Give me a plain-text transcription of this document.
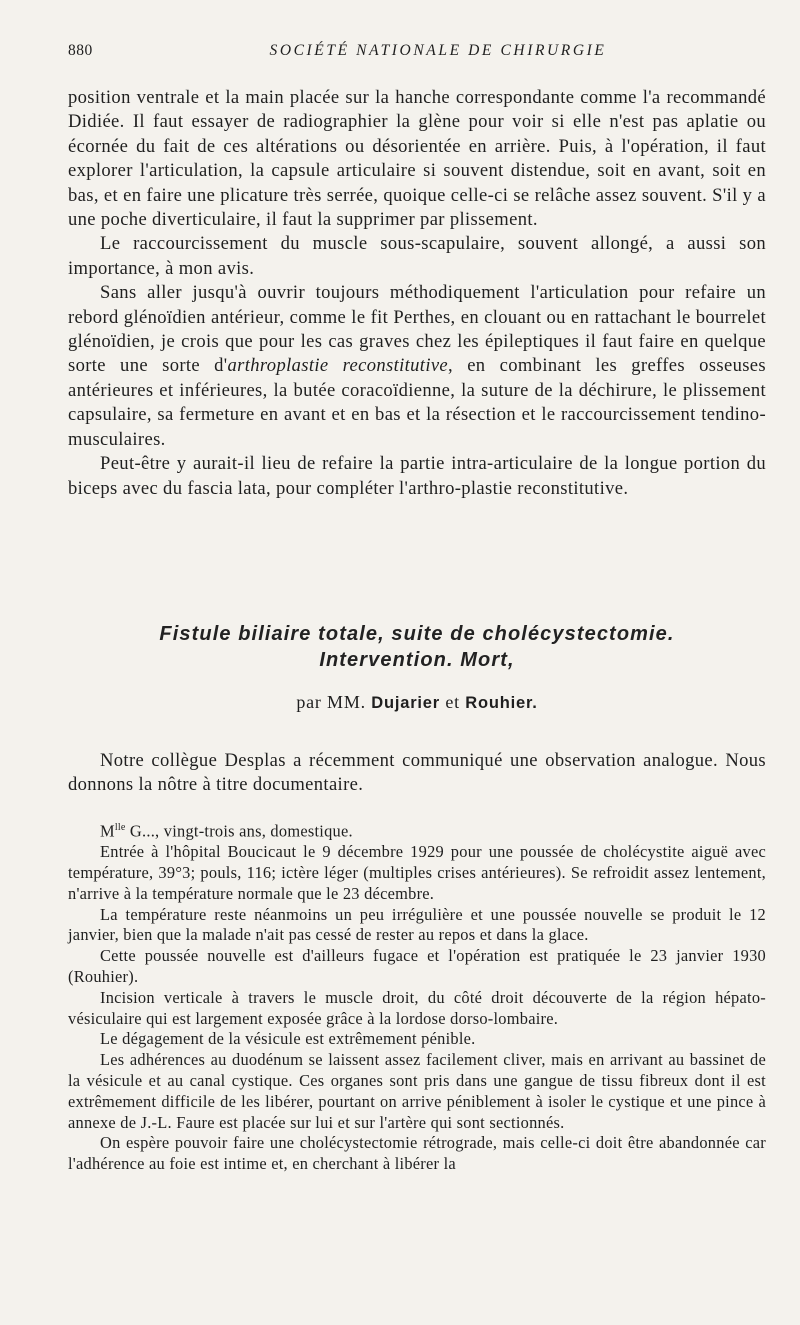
880	SOCIÉTÉ NATIONALE DE CHIRURGIE

position ventrale et la main placée sur la hanche correspondante comme l'a recommandé Didiée. Il faut essayer de radiographier la glène pour voir si elle n'est pas aplatie ou écornée du fait de ces altérations ou désorientée en arrière. Puis, à l'opération, il faut explorer l'articulation, la capsule articulaire si souvent distendue, soit en avant, soit en bas, et en faire une plicature très serrée, quoique celle-ci se relâche assez souvent. S'il y a une poche diverticulaire, il faut la supprimer par plissement.

Le raccourcissement du muscle sous-scapulaire, souvent allongé, a aussi son importance, à mon avis.

Sans aller jusqu'à ouvrir toujours méthodiquement l'articulation pour refaire un rebord glénoïdien antérieur, comme le fit Perthes, en clouant ou en rattachant le bourrelet glénoïdien, je crois que pour les cas graves chez les épileptiques il faut faire en quelque sorte une sorte d'arthroplastie reconstitutive, en combinant les greffes osseuses antérieures et inférieures, la butée coracoïdienne, la suture de la déchirure, le plissement capsulaire, sa fermeture en avant et en bas et la résection et le raccourcissement tendino-musculaires.

Peut-être y aurait-il lieu de refaire la partie intra-articulaire de la longue portion du biceps avec du fascia lata, pour compléter l'arthro-plastie reconstitutive.

Fistule biliaire totale, suite de cholécystectomie.
Intervention. Mort,
par MM. Dujarier et Rouhier.

Notre collègue Desplas a récemment communiqué une observation analogue. Nous donnons la nôtre à titre documentaire.

$M^{lle}$ G..., vingt-trois ans, domestique.

Entrée à l'hôpital Boucicaut le 9 décembre 1929 pour une poussée de cholécystite aiguë avec température, 39°3; pouls, 116; ictère léger (multiples crises antérieures). Se refroidit assez lentement, n'arrive à la température normale que le 23 décembre.

La température reste néanmoins un peu irrégulière et une poussée nouvelle se produit le 12 janvier, bien que la malade n'ait pas cessé de rester au repos et dans la glace.

Cette poussée nouvelle est d'ailleurs fugace et l'opération est pratiquée le 23 janvier 1930 (Rouhier).

Incision verticale à travers le muscle droit, du côté droit découverte de la région hépato-vésiculaire qui est largement exposée grâce à la lordose dorso-lombaire.

Le dégagement de la vésicule est extrêmement pénible.

Les adhérences au duodénum se laissent assez facilement cliver, mais en arrivant au bassinet de la vésicule et au canal cystique. Ces organes sont pris dans une gangue de tissu fibreux dont il est extrêmement difficile de les libérer, pourtant on arrive péniblement à isoler le cystique et une pince à annexe de J.-L. Faure est placée sur lui et sur l'artère qui sont sectionnés.

On espère pouvoir faire une cholécystectomie rétrograde, mais celle-ci doit être abandonnée car l'adhérence au foie est intime et, en cherchant à libérer la
